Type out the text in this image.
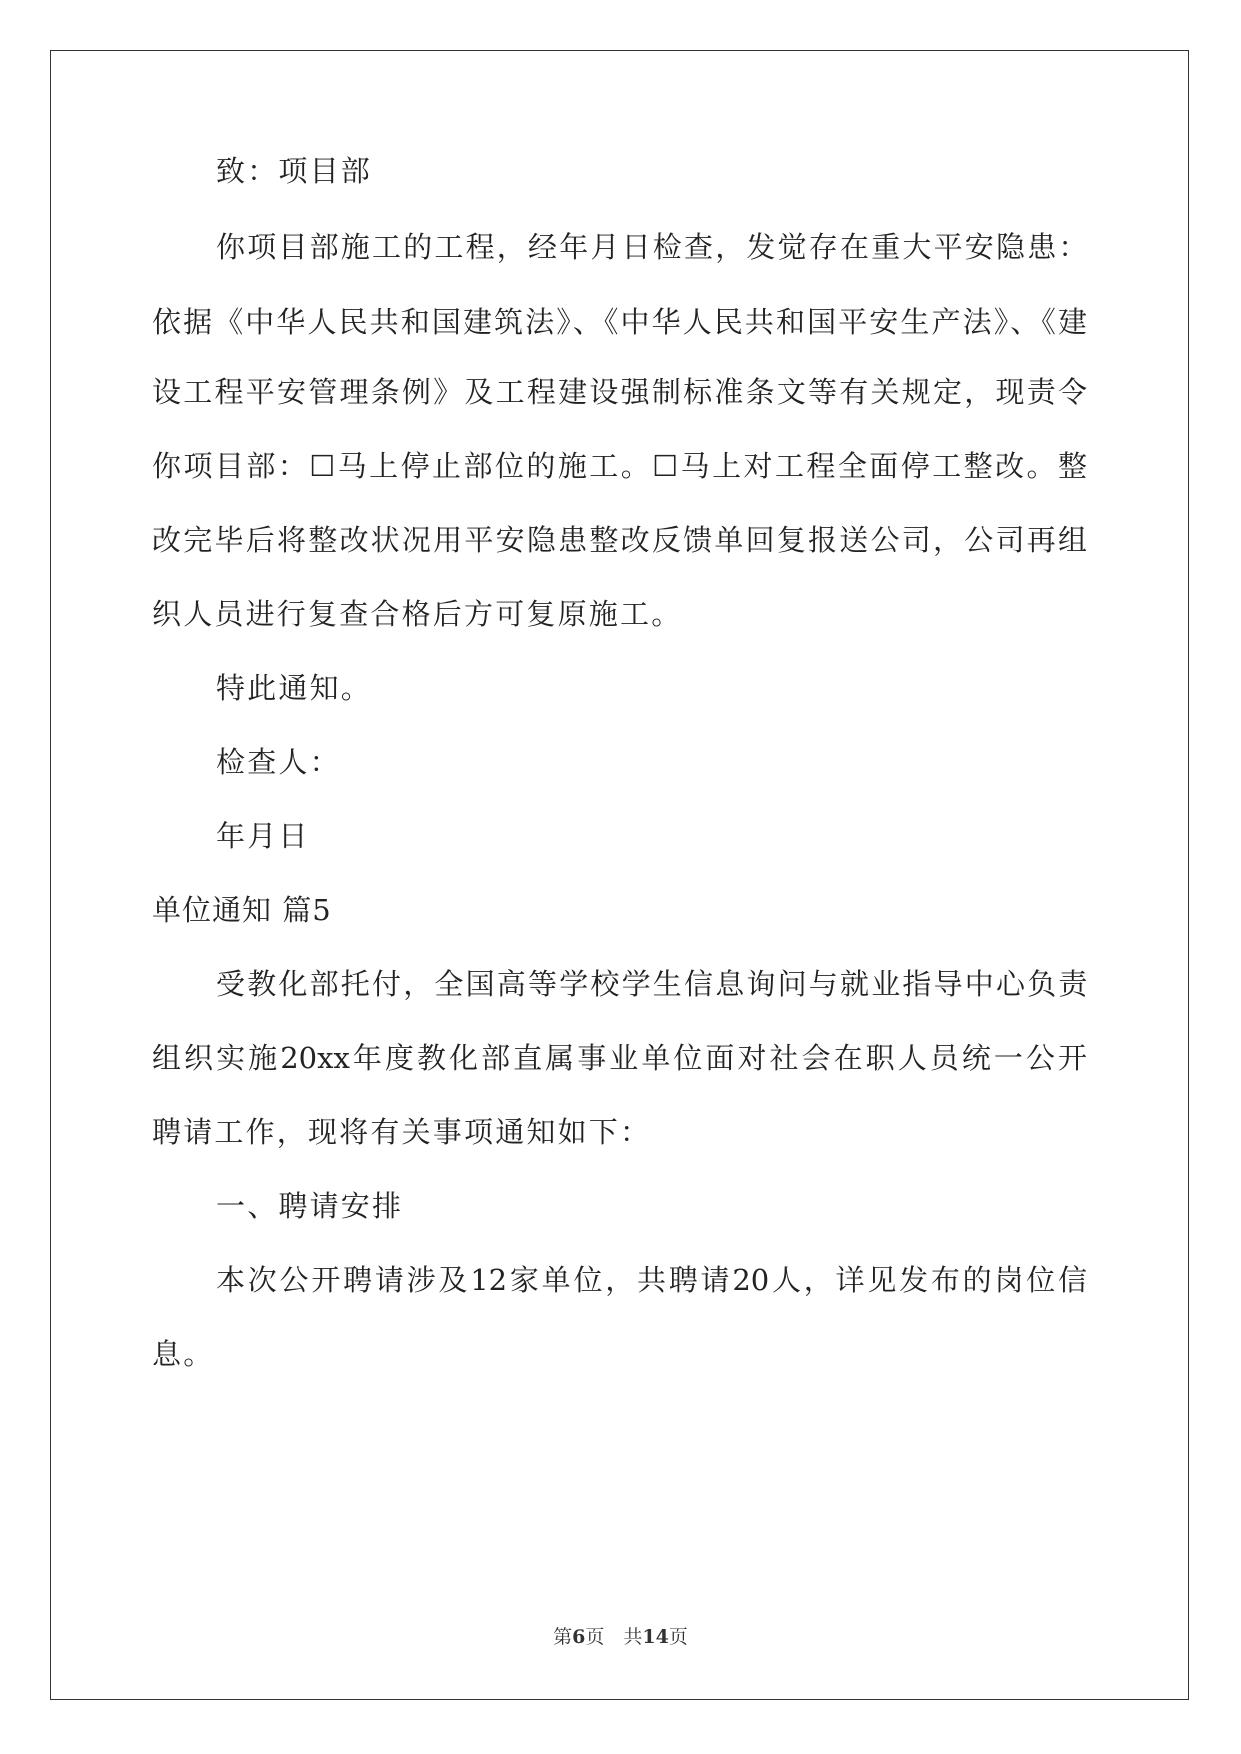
致：项目部
你项目部施工的工程，经年月日检查，发觉存在重大平安隐患：
依据《中华人民共和国建筑法》、《中华人民共和国平安生产法》、《建
设工程平安管理条例》及工程建设强制标准条文等有关规定，现责令
你项目部：☐马上停止部位的施工。☐马上对工程全面停工整改。整
改完毕后将整改状况用平安隐患整改反馈单回复报送公司，公司再组
织人员进行复查合格后方可复原施工。
特此通知。
检查人：
年月日
单位通知 篇5
受教化部托付，全国高等学校学生信息询问与就业指导中心负责
组织实施20xx年度教化部直属事业单位面对社会在职人员统一公开
聘请工作，现将有关事项通知如下：
一、聘请安排
本次公开聘请涉及12家单位，共聘请20人，详见发布的岗位信
息。
第6页　共14页
